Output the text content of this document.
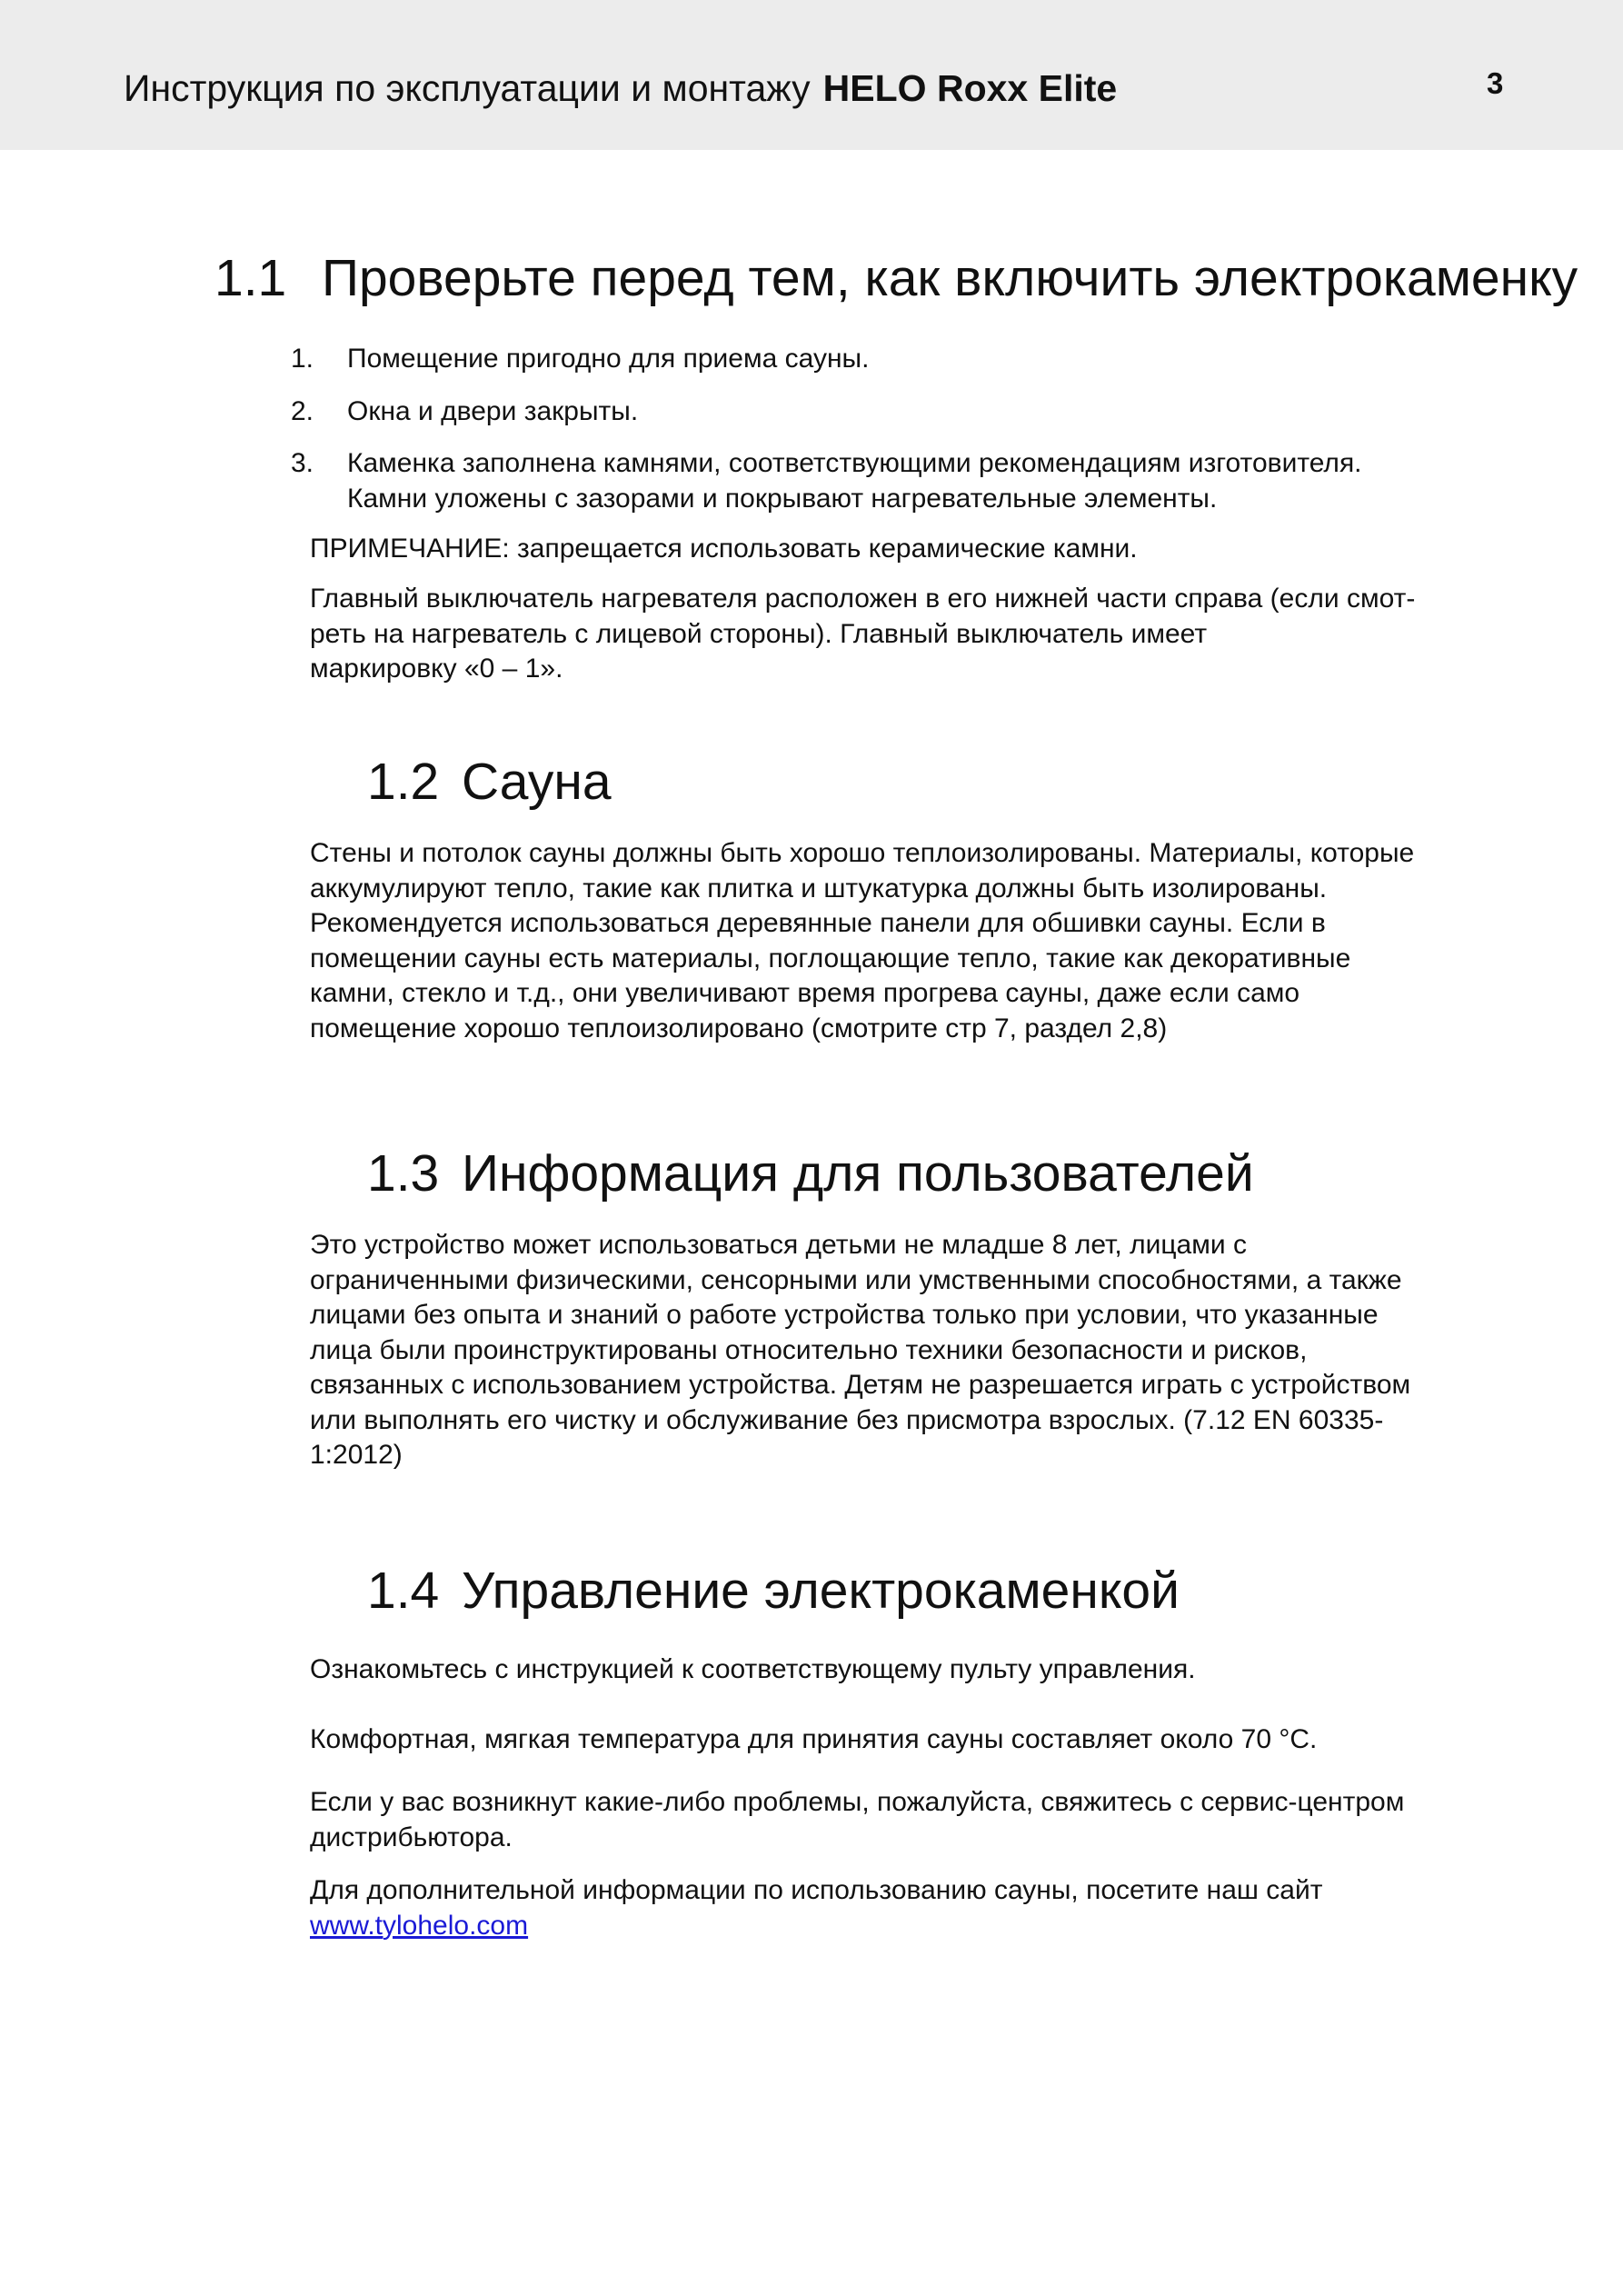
Инструкция по эксплуатации и монтажу HELO Roxx Elite	3
1.1 Проверьте перед тем, как включить электрокаменку
1.	Помещение пригодно для приема сауны.
2.	Окна и двери закрыты.
3.	Каменка заполнена камнями, соответствующими рекомендациям изготовителя.
Камни уложены с зазорами и покрывают нагревательные элементы.

ПРИМЕЧАНИЕ: запрещается использовать керамические камни.

Главный выключатель нагревателя расположен в его нижней части справа (если смот-
реть на нагреватель с лицевой стороны). Главный выключатель имеет
маркировку «0 – 1».

1.2 Сауна

Стены и потолок сауны должны быть хорошо теплоизолированы. Материалы, которые
аккумулируют тепло, такие как плитка и штукатурка должны быть изолированы.
Рекомендуется использоваться деревянные панели для обшивки сауны. Если в
помещении сауны есть материалы, поглощающие тепло, такие как декоративные
камни, стекло и т.д., они увеличивают время прогрева сауны, даже если само
помещение хорошо теплоизолировано (смотрите стр 7, раздел 2,8)

1.3 Информация для пользователей

Это устройство может использоваться детьми не младше 8 лет, лицами с
ограниченными физическими, сенсорными или умственными способностями, а также
лицами без опыта и знаний о работе устройства только при условии, что указанные
лица были проинструктированы относительно техники безопасности и рисков,
связанных с использованием устройства. Детям не разрешается играть с устройством
или выполнять его чистку и обслуживание без присмотра взрослых. (7.12 EN 60335-
1:2012)

1.4 Управление электрокаменкой

Ознакомьтесь с инструкцией к соответствующему пульту управления.

Комфортная, мягкая температура для принятия сауны составляет около 70 °C.

Если у вас возникнут какие-либо проблемы, пожалуйста, свяжитесь с сервис-центром
дистрибьютора.

Для дополнительной информации по использованию сауны, посетите наш сайт
www.tylohelo.com
